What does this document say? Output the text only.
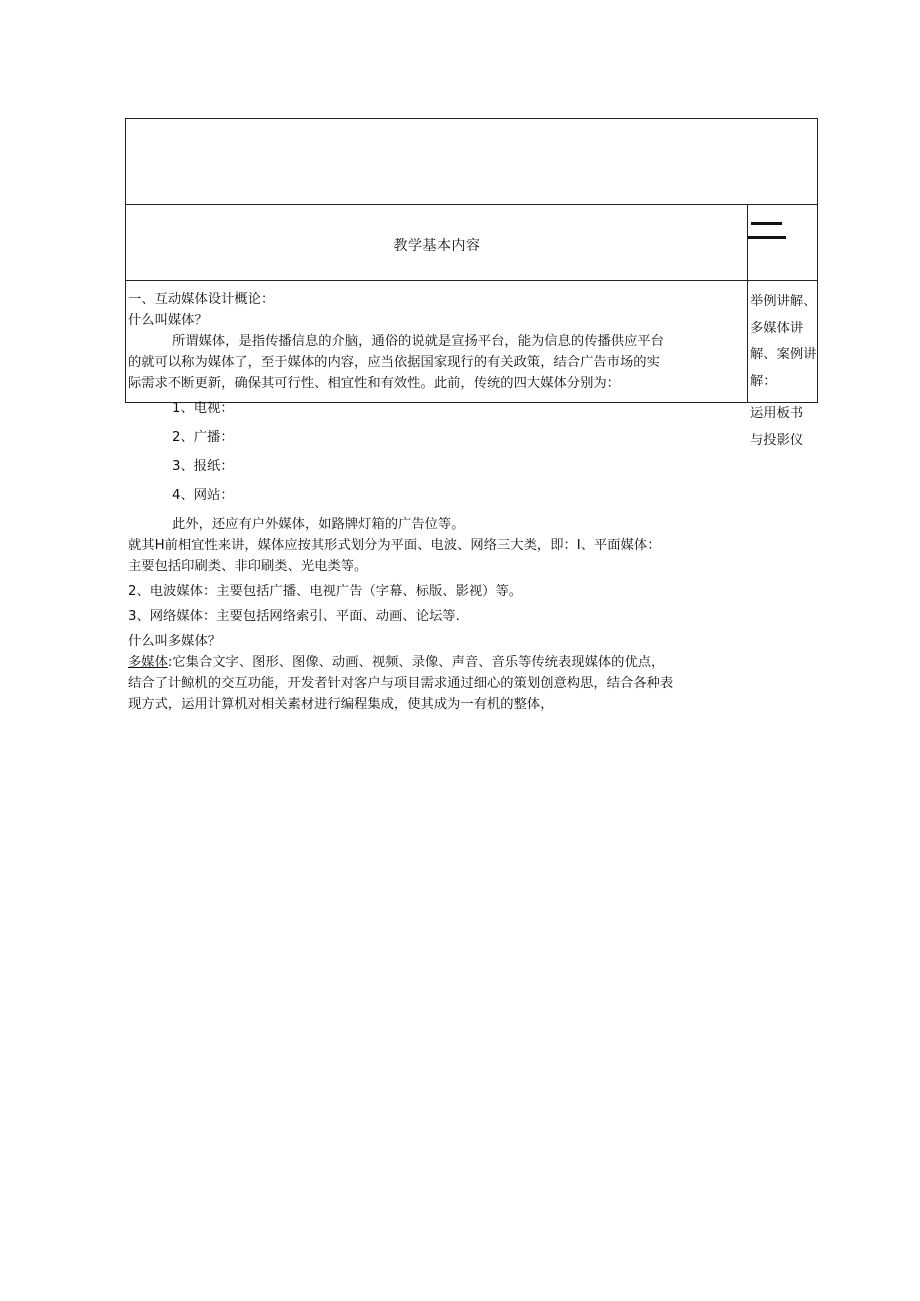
教学基本内容
一、互动媒体设计概论：
什么叫媒体？
所谓媒体，是指传播信息的介脑，通俗的说就是宣扬平台，能为信息的传播供应平台
的就可以称为媒体了，至于媒体的内容，应当依据国家现行的有关政策，结合广告市场的实
际需求不断更新，确保其可行性、相宜性和有效性。此前，传统的四大媒体分别为：
1、电视：
2、广播：
3、报纸：
4、网站：
此外，还应有户外媒体，如路牌灯箱的广告位等。
就其H前相宜性来讲，媒体应按其形式划分为平面、电波、网络三大类，即：I、平面媒体：
主要包括印刷类、非印刷类、光电类等。
2、电波媒体：主要包括广播、电视广告（字幕、标版、影视）等。
3、网络媒体：主要包括网络索引、平面、动画、论坛等.
什么叫多媒体？
多媒体:它集合文字、图形、图像、动画、视频、录像、声音、音乐等传统表现媒体的优点，
结合了计鲸机的交互功能，开发者针对客户与项目需求通过细心的策划创意构思，结合各种表
现方式，运用计算机对相关素材进行编程集成，使其成为一有机的整体，
举例讲解、
多媒体讲
解、案例讲
解：
运用板书
与投影仪
